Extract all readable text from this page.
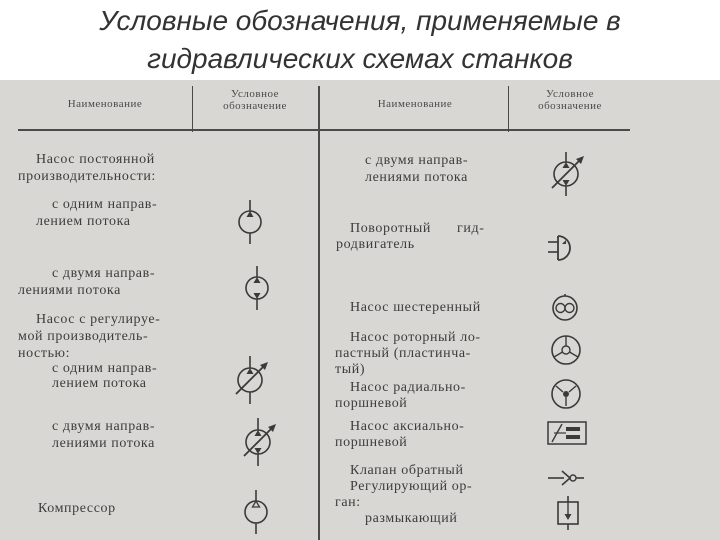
Условные обозначения, применяемые в
гидравлических схемах станков
Наименование
Условное обозначение	Наименование
Условное обозначение
Насос постоянной
производительности:
с одним направ-
лением потока
с двумя направ-
лениями потока
Насос с регулируе-
мой производитель-
ностью:
с одним направ-
лением потока
с двумя направ-
лениями потока
Компрессор
с двумя направ-
лениями потока
Поворотный гид-
родвигатель
Насос шестеренный
Насос роторный ло-
пастный (пластинча-
тый)
Насос радиально-
поршневой
Насос аксиально-
поршневой
Клапан обратный
Регулирующий ор-
ган:
размыкающий
